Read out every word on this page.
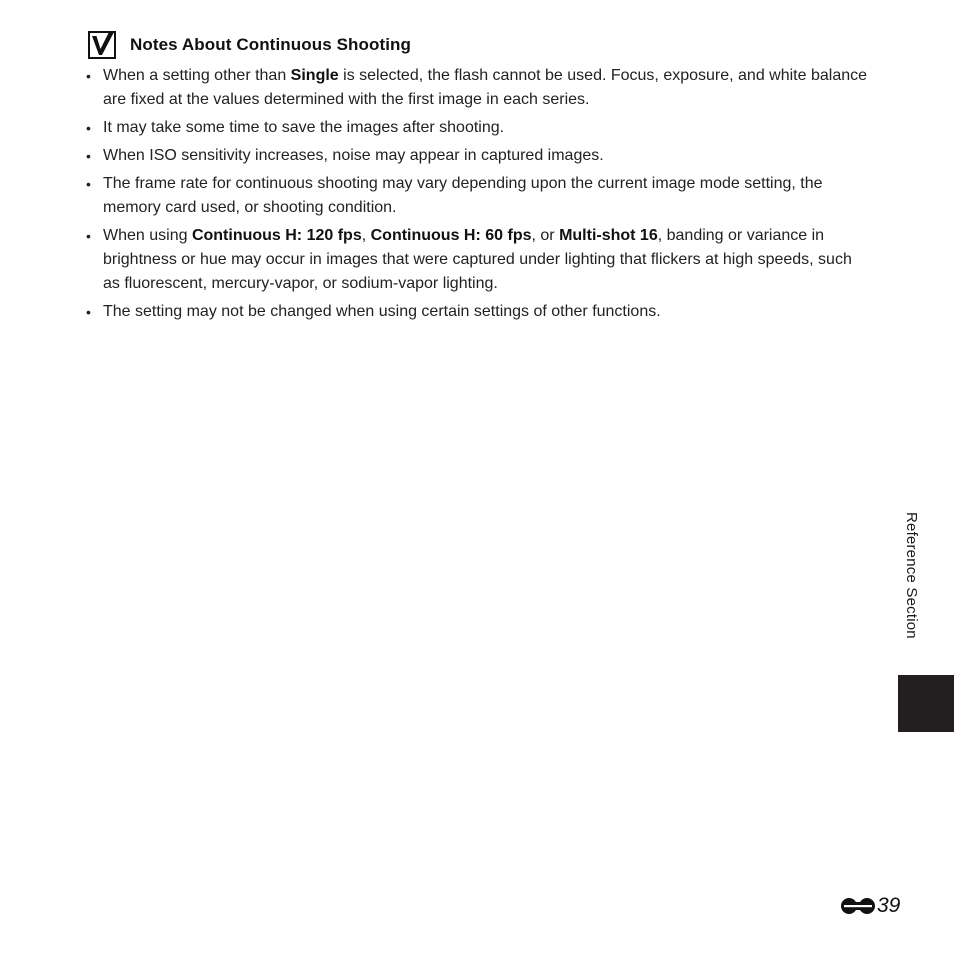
Notes About Continuous Shooting
• When a setting other than Single is selected, the flash cannot be used. Focus, exposure, and white balance are fixed at the values determined with the first image in each series.
• It may take some time to save the images after shooting.
• When ISO sensitivity increases, noise may appear in captured images.
• The frame rate for continuous shooting may vary depending upon the current image mode setting, the memory card used, or shooting condition.
• When using Continuous H: 120 fps, Continuous H: 60 fps, or Multi-shot 16, banding or variance in brightness or hue may occur in images that were captured under lighting that flickers at high speeds, such as fluorescent, mercury-vapor, or sodium-vapor lighting.
• The setting may not be changed when using certain settings of other functions.
Reference Section
39
